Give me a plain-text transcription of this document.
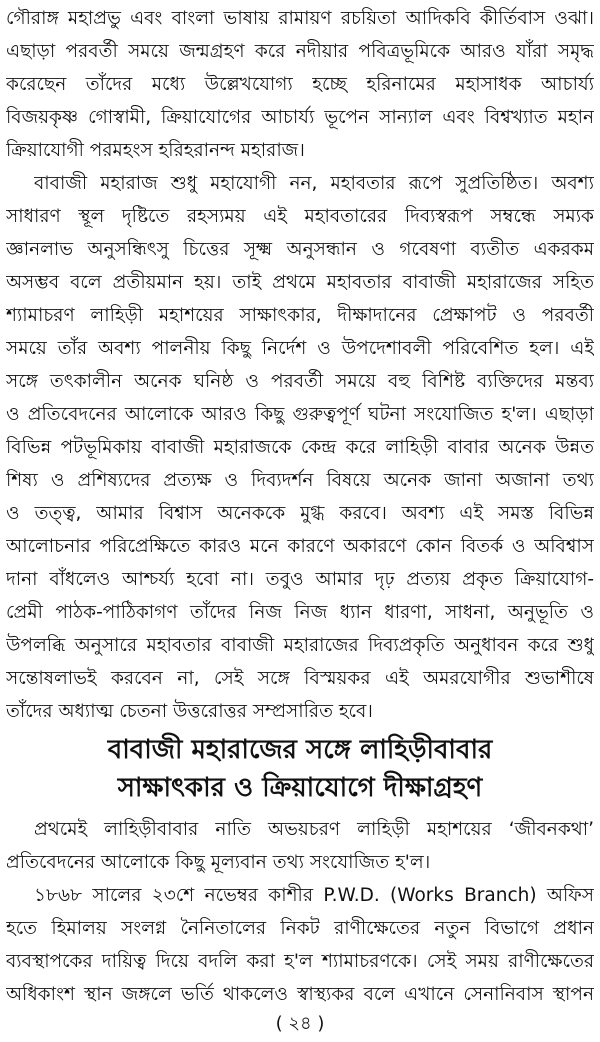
গৌরাঙ্গ মহাপ্রভু এবং বাংলা ভাষায় রামায়ণ রচয়িতা আদিকবি কীর্তিবাস ওঝা।
এছাড়া পরবর্তী সময়ে জন্মগ্রহণ করে নদীয়ার পবিত্রভূমিকে আরও যাঁরা সমৃদ্ধ
করেছেন তাঁদের মধ্যে উল্লেখযোগ্য হচ্ছে হরিনামের মহাসাধক আচার্য্য
বিজয়কৃষ্ণ গোস্বামী, ক্রিয়াযোগের আচার্য্য ভূপেন সান্যাল এবং বিশ্বখ্যাত মহান
ক্রিয়াযোগী পরমহংস হরিহরানন্দ মহারাজ।
বাবাজী মহারাজ শুধু মহাযোগী নন, মহাবতার রূপে সুপ্রতিষ্ঠিত। অবশ্য
সাধারণ স্থূল দৃষ্টিতে রহস্যময় এই মহাবতারের দিব্যস্বরূপ সম্বন্ধে সম্যক
জ্ঞানলাভ অনুসন্ধিৎসু চিত্তের সূক্ষ্ম অনুসন্ধান ও গবেষণা ব্যতীত একরকম
অসম্ভব বলে প্রতীয়মান হয়। তাই প্রথমে মহাবতার বাবাজী মহারাজের সহিত
শ্যামাচরণ লাহিড়ী মহাশয়ের সাক্ষাৎকার, দীক্ষাদানের প্রেক্ষাপট ও পরবর্তী
সময়ে তাঁর অবশ্য পালনীয় কিছু নির্দেশ ও উপদেশাবলী পরিবেশিত হল। এই
সঙ্গে তৎকালীন অনেক ঘনিষ্ঠ ও পরবর্তী সময়ে বহু বিশিষ্ট ব্যক্তিদের মন্তব্য
ও প্রতিবেদনের আলোকে আরও কিছু গুরুত্বপূর্ণ ঘটনা সংযোজিত হ'ল। এছাড়া
বিভিন্ন পটভূমিকায় বাবাজী মহারাজকে কেন্দ্র করে লাহিড়ী বাবার অনেক উন্নত
শিষ্য ও প্রশিষ্যদের প্রত্যক্ষ ও দিব্যদর্শন বিষয়ে অনেক জানা অজানা তথ্য
ও তত্ত্ব, আমার বিশ্বাস অনেককে মুগ্ধ করবে। অবশ্য এই সমস্ত বিভিন্ন
আলোচনার পরিপ্রেক্ষিতে কারও মনে কারণে অকারণে কোন বিতর্ক ও অবিশ্বাস
দানা বাঁধলেও আশ্চর্য্য হবো না। তবুও আমার দৃঢ় প্রত্যয় প্রকৃত ক্রিয়াযোগ-
প্রেমী পাঠক-পাঠিকাগণ তাঁদের নিজ নিজ ধ্যান ধারণা, সাধনা, অনুভূতি ও
উপলব্ধি অনুসারে মহাবতার বাবাজী মহারাজের দিব্যপ্রকৃতি অনুধাবন করে শুধু
সন্তোষলাভই করবেন না, সেই সঙ্গে বিস্ময়কর এই অমরযোগীর শুভাশীষে
তাঁদের অধ্যাত্ম চেতনা উত্তরোত্তর সম্প্রসারিত হবে।
বাবাজী মহারাজের সঙ্গে লাহিড়ীবাবার
সাক্ষাৎকার ও ক্রিয়াযোগে দীক্ষাগ্রহণ
প্রথমেই লাহিড়ীবাবার নাতি অভয়চরণ লাহিড়ী মহাশয়ের ‘জীবনকথা’
প্রতিবেদনের আলোকে কিছু মূল্যবান তথ্য সংযোজিত হ'ল।
১৮৬৮ সালের ২৩শে নভেম্বর কাশীর P.W.D. (Works Branch) অফিস
হতে হিমালয় সংলগ্ন নৈনিতালের নিকট রাণীক্ষেতের নতুন বিভাগে প্রধান
ব্যবস্থাপকের দায়িত্ব দিয়ে বদলি করা হ'ল শ্যামাচরণকে। সেই সময় রাণীক্ষেতের
অধিকাংশ স্থান জঙ্গলে ভর্তি থাকলেও স্বাস্থ্যকর বলে এখানে সেনানিবাস স্থাপন
( ২৪ )
